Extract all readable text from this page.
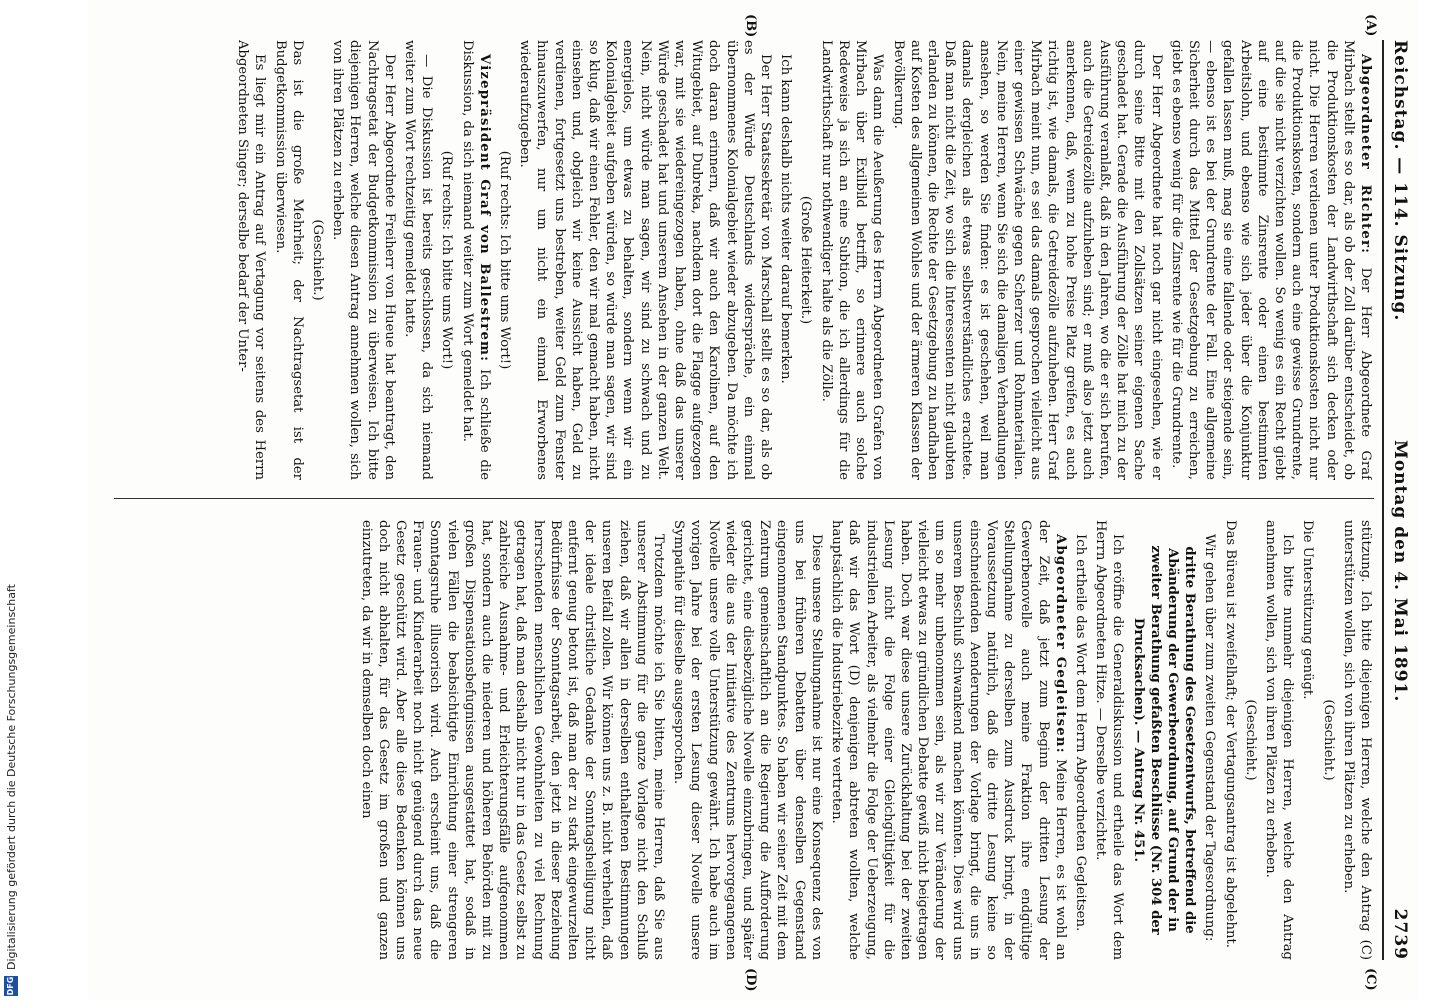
Reichstag. — 114. Sitzung.
Montag den 4. Mai 1891.
2739
(A)
(B)
(C)
(D)

Abgeordneter Richter: Der Herr Abgeordnete Graf Mirbach stellt es so dar, als ob der Zoll darüber entscheidet, ob die Produktionskosten der Landwirthschaft sich decken oder nicht. Die Herren verdienen unter Produktionskosten nicht nur die Produktionskosten, sondern auch eine gewisse Grundrente, auf die sie nicht verzichten wollen. So wenig es ein Recht giebt auf eine bestimmte Zinsrente oder einen bestimmten Arbeitslohn, und ebenso wie sich jeder über die Konjunktur gefallen lassen muß, mag sie eine fallende oder steigende sein, — ebenso ist es bei der Grundrente der Fall. Eine allgemeine Sicherheit durch das Mittel der Gesetzgebung zu erreichen, giebt es ebenso wenig für die Zinsrente wie für die Grundrente.

Der Herr Abgeordnete hat noch gar nicht eingesehen, wie er durch seine Bitte mit den Zollsätzen seiner eigenen Sache geschadet hat. Gerade die Ausführung der Zölle hat mich zu der Ausführung veranlaßt, daß in den Jahren, wo die er sich berufen, auch die Getreidezölle aufzuheben sind; er muß also jetzt auch anerkennen, daß, wenn zu hohe Preise Platz greifen, es auch richtig ist, wie damals, die Getreidezölle aufzuheben. Herr Graf Mirbach meint nun, es sei das damals gesprochen vielleicht aus einer gewissen Schwäche gegen Scherzer und Rohmaterialien. Nein, meine Herren, wenn Sie sich die damaligen Verhandlungen ansehen, so werden Sie finden: es ist geschehen, weil man damals dergleichen als etwas selbstverständliches erachtete. Daß man nicht die Zeit, wo sich die Interessenten nicht glaubten erlanden zu können, die Rechte der Gesetzgebung zu handhaben auf Kosten des allgemeinen Wohles und der ärmeren Klassen der Bevölkerung.

Was dann die Aeußerung des Herrn Abgeordneten Grafen von Mirbach über Exilbild betrifft, so erinnere auch solche Redeweise ja sich an eine Subtion, die ich allerdings für die Landwirthschaft nur nothwendiger halte als die Zölle.

(Große Heiterkeit.)

Ich kann deshalb nichts weiter darauf bemerken.

Der Herr Staatssekretär von Marschall stellt es so dar, als ob es der Würde Deutschlands widerspräche, ein einmal übernommenes Kolonialgebiet wieder abzugeben. Da möchte ich doch daran erinnern, daß wir auch den Karolinen, auf den Witugebiet, auf Dubreka, nachdem dort die Flagge aufgezogen war, mit sie wiedereingezogen haben, ohne daß das unserer Würde geschadet hat und unserem Ansehen in der ganzen Welt. Nein, nicht würde man sagen, wir sind zu schwach und zu energielos, um etwas zu behalten, sondern wenn wir ein Kolonialgebiet aufgeben würden, so würde man sagen, wir sind so klug, daß wir einen Fehler, den wir mal gemacht haben, nicht einsehen und, obgleich wir keine Aussicht haben, Geld zu verdienen, fortgesetzt uns bestreben, weiter Geld zum Fenster hinauszuwerfen, nur um nicht ein einmal Erworbenes wiederaufzugeben.

(Ruf rechts: Ich bitte ums Wort!)

Vizepräsident Graf von Ballestrem: Ich schließe die Diskussion, da sich niemand weiter zum Wort gemeldet hat.

(Ruf rechts: Ich bitte ums Wort!)

— Die Diskussion ist bereits geschlossen, da sich niemand weiter zum Wort rechtzeitig gemeldet hatte.

Der Herr Abgeordnete Freiherr von Hueue hat beantragt, den Nachtragsetat der Budgetkommission zu überweisen. Ich bitte diejenigen Herren, welche diesen Antrag annehmen wollen, sich von ihren Plätzen zu erheben.

(Geschieht.)

Das ist die große Mehrheit; der Nachtragsetat ist der Budgetkommission überwiesen.

Es liegt mir ein Antrag auf Vertagung vor seitens des Herrn Abgeordneten Singer; derselbe bedarf der Unter-

stützung. Ich bitte diejenigen Herren, welche den Antrag (C) unterstützen wollen, sich von ihren Plätzen zu erheben.

(Geschieht.)

Die Unterstützung genügt.

Ich bitte nunmehr diejenigen Herren, welche den Antrag annehmen wollen, sich von ihren Plätzen zu erheben.

(Geschieht.)

Das Büreau ist zweifelhaft; der Vertagungsantrag ist abgelehnt.

Wir gehen über zum zweiten Gegenstand der Tagesordnung:

dritte Berathung des Gesetzentwurfs, betreffend die Abänderung der Gewerbeordnung, auf Grund der in zweiter Berathung gefaßten Beschlüsse (Nr. 304 der Drucksachen). — Antrag Nr. 451.

Ich eröffne die Generaldiskussion und ertheile das Wort dem Herrn Abgeordneten Hitze. — Derselbe verzichtet.

Ich ertheile das Wort dem Herrn Abgeordneten Gegleitsen.

Abgeordneter Gegleitsen: Meine Herren, es ist wohl an der Zeit, daß jetzt zum Beginn der dritten Lesung der Gewerbenovelle auch meine Fraktion ihre endgültige Stellungnahme zu derselben zum Ausdruck bringt, in der Voraussetzung natürlich, daß die dritte Lesung keine so einschneidenden Aenderungen der Vorlage bringt, die uns in unserem Beschluß schwankend machen könnten. Dies wird uns um so mehr unbenommen sein, als wir zur Veränderung der vielleicht etwas zu gründlichen Debatte gewiß nicht beigetragen haben. Doch war diese unsere Zurückhaltung bei der zweiten Lesung nicht die Folge einer Gleichgültigkeit für die industriellen Arbeiter, als vielmehr die Folge der Ueberzeugung, daß wir das Wort (D) denjenigen abtreten wollten, welche hauptsächlich die Industriebezirke vertreten.

Diese unsere Stellungnahme ist nur eine Konsequenz des von uns bei früheren Debatten über denselben Gegenstand eingenommenen Standpunktes. So haben wir seiner Zeit mit dem Zentrum gemeinschaftlich an die Regierung die Aufforderung gerichtet, eine diesbezügliche Novelle einzubringen, und später wieder die aus der Initiative des Zentrums hervorgegangenen Novelle unsere volle Unterstützung gewährt. Ich habe auch im vorigen Jahre bei der ersten Lesung dieser Novelle unsere Sympathie für dieselbe ausgesprochen.

Trotzdem möchte ich Sie bitten, meine Herren, daß Sie aus unserer Abstimmung für die ganze Vorlage nicht den Schluß ziehen, daß wir allen in derselben enthaltenen Bestimmungen unseren Beifall zollen. Wir können uns z. B. nicht verhehlen, daß der ideale christliche Gedanke der Sonntagsheiligung nicht entfernt genug betont ist, daß man der zu stark eingewurzelten Bedürfnisse der Sonntagsarbeit, den jetzt in dieser Beziehung herrschenden menschlichen Gewohnheiten zu viel Rechnung getragen hat, daß man deshalb nicht nur in das Gesetz selbst zu zahlreiche Ausnahme- und Erleichterungsfälle aufgenommen hat, sondern auch die niederen und höheren Behörden mit zu großen Dispensationsbefugnissen ausgestattet hat, sodaß in vielen Fällen die beabsichtigte Einrichtung einer strengeren Sonntagsruhe illusorisch wird. Auch erscheint uns, daß die Frauen- und Kinderarbeit noch nicht genügend durch das neue Gesetz geschützt wird. Aber alle diese Bedenken können uns doch nicht abhalten, für das Gesetz im großen und ganzen einzutreten, da wir in demselben doch einen

DFG
Digitalisierung gefördert durch die Deutsche Forschungsgemeinschaft
